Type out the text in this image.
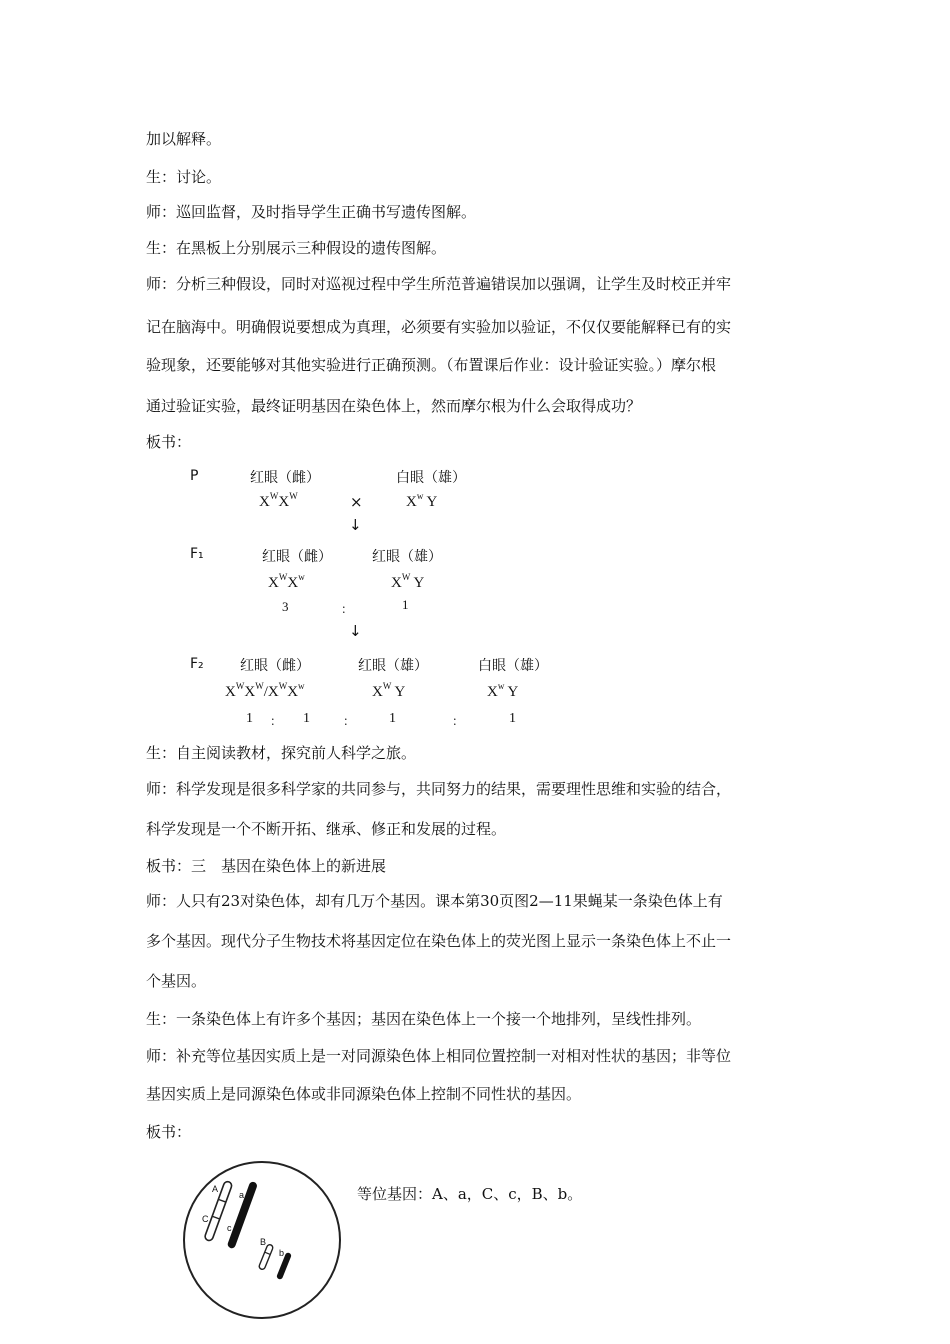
加以解释。
生：讨论。
师：巡回监督，及时指导学生正确书写遗传图解。
生：在黑板上分别展示三种假设的遗传图解。
师：分析三种假设，同时对巡视过程中学生所范普遍错误加以强调，让学生及时校正并牢
记在脑海中。明确假说要想成为真理，必须要有实验加以验证，不仅仅要能解释已有的实
验现象，还要能够对其他实验进行正确预测。（布置课后作业：设计验证实验。）摩尔根
通过验证实验，最终证明基因在染色体上，然而摩尔根为什么会取得成功？
板书：
P	红眼（雌）	白眼（雄）
$X^WX^W$	×	$X^w$ Y
↓
F₁	红眼（雌）	红眼（雄）
$X^WX^w$	$X^W$ Y
3	：	1
↓
F₂	红眼（雌）	红眼（雄）	白眼（雄）
$X^WX^W/X^WX^w$	$X^W$ Y	$X^w$ Y
1 ： 1	： 1	：	1
生：自主阅读教材，探究前人科学之旅。
师：科学发现是很多科学家的共同参与，共同努力的结果，需要理性思维和实验的结合，
科学发现是一个不断开拓、继承、修正和发展的过程。
板书：三　基因在染色体上的新进展
师：人只有23对染色体，却有几万个基因。课本第30页图2—11果蝇某一条染色体上有
多个基因。现代分子生物技术将基因定位在染色体上的荧光图上显示一条染色体上不止一
个基因。
生：一条染色体上有许多个基因；基因在染色体上一个接一个地排列，呈线性排列。
师：补充等位基因实质上是一对同源染色体上相同位置控制一对相对性状的基因；非等位
基因实质上是同源染色体或非同源染色体上控制不同性状的基因。
板书：
A
a
C
c
B
b
等位基因：A、a，C、c，B、b。
